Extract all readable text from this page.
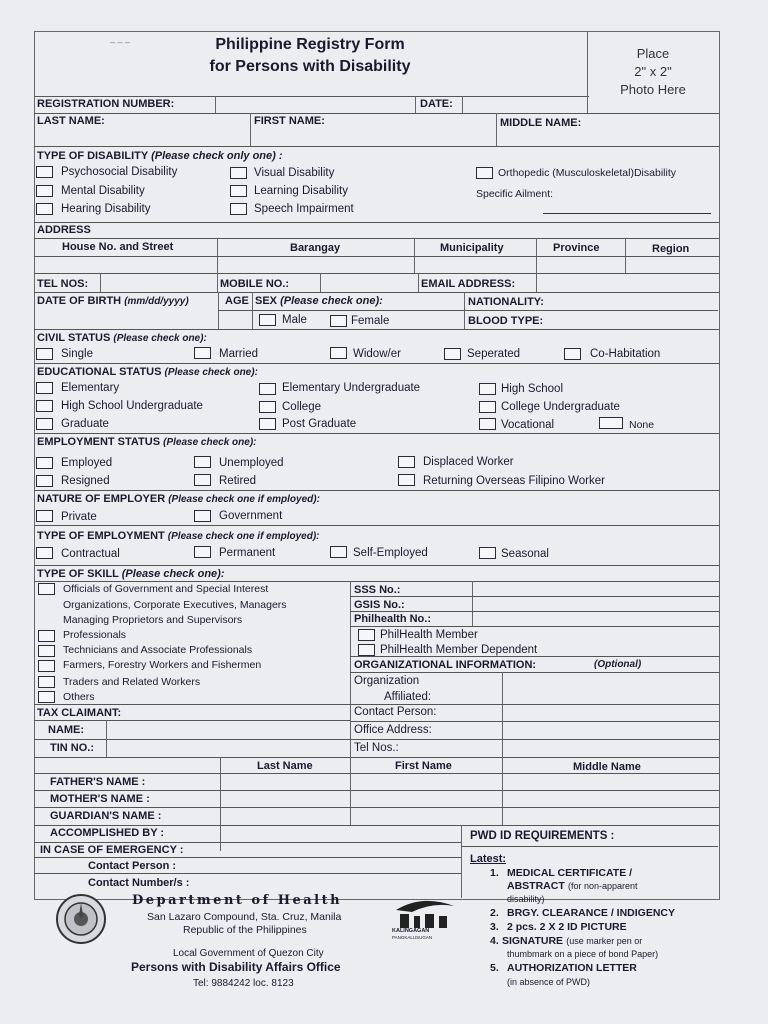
_ _ _	Philippine Registry Form
for Persons with Disability
Place
2" x 2"
Photo Here
REGISTRATION NUMBER:	DATE:
LAST NAME:	FIRST NAME:	MIDDLE NAME:
TYPE OF DISABILITY (Please check only one) :
Psychosocial Disability
Mental Disability
Hearing Disability
Visual Disability
Learning Disability
Speech Impairment
Orthopedic (Musculoskeletal)Disability
Specific Ailment:
ADDRESS
House No. and Street	Barangay	Municipality	Province	Region
TEL NOS:	MOBILE NO.:	EMAIL ADDRESS:
DATE OF BIRTH (mm/dd/yyyy)	AGE SEX (Please check one):	NATIONALITY:
Male	Female	BLOOD TYPE:
CIVIL STATUS (Please check one):
Single	Married	Widow/er	Seperated	Co-Habitation
EDUCATIONAL STATUS (Please check one):
Elementary
High School Undergraduate
Graduate
Elementary Undergraduate
College
Post Graduate
High School
College Undergraduate
Vocational	None
EMPLOYMENT STATUS (Please check one):
Employed
Resigned
Unemployed
Retired
Displaced Worker
Returning Overseas Filipino Worker
NATURE OF EMPLOYER (Please check one if employed):
Private	Government
TYPE OF EMPLOYMENT (Please check one if employed):
Contractual	Permanent	Self-Employed	Seasonal
TYPE OF SKILL (Please check one):
Officials of Government and Special Interest
Organizations, Corporate Executives, Managers
Managing Proprietors and Supervisors
Professionals
Technicians and Associate Professionals
Farmers, Forestry Workers and Fishermen
Traders and Related Workers
Others
SSS No.:
GSIS No.:
Philhealth No.:
PhilHealth Member
PhilHealth Member Dependent
ORGANIZATIONAL INFORMATION:	(Optional)
Organization
Affiliated:
Contact Person:
Office Address:
Tel Nos.:
TAX CLAIMANT:
NAME:
TIN NO.:
Last Name	First Name	Middle Name
FATHER'S NAME :
MOTHER'S NAME :
GUARDIAN'S NAME :
ACCOMPLISHED BY :
IN CASE OF EMERGENCY :
Contact Person :
Contact Number/s :
PWD ID REQUIREMENTS :
Latest:
1. MEDICAL CERTIFICATE /
ABSTRACT (for non-apparent
disability)
2. BRGY. CLEARANCE / INDIGENCY
3. 2 pcs. 2 X 2 ID PICTURE
4. SIGNATURE (use marker pen or
thumbmark on a piece of bond Paper)
5. AUTHORIZATION LETTER
(in absence of PWD)
Department of Health
San Lazaro Compound, Sta. Cruz, Manila
Republic of the Philippines
Local Government of Quezon City
Persons with Disability Affairs Office
Tel: 9884242 loc. 8123
KALINGAGAN
PANGKALUSUGAN
